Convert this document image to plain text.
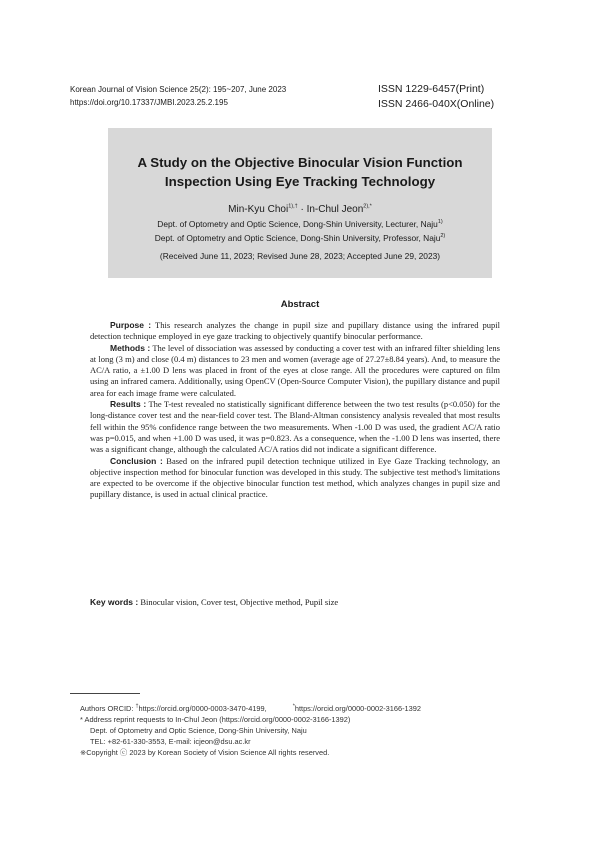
Korean Journal of Vision Science 25(2): 195~207, June 2023
https://doi.org/10.17337/JMBI.2023.25.2.195
ISSN 1229-6457(Print)
ISSN 2466-040X(Online)
A Study on the Objective Binocular Vision Function
Inspection Using Eye Tracking Technology
Min-Kyu Choi$^{1),\dagger}$ · In-Chul Jeon$^{2),*}$
Dept. of Optometry and Optic Science, Dong-Shin University, Lecturer, Naju$^{1)}$
Dept. of Optometry and Optic Science, Dong-Shin University, Professor, Naju$^{2)}$
(Received June 11, 2023; Revised June 28, 2023; Accepted June 29, 2023)
Abstract

Purpose : This research analyzes the change in pupil size and pupillary distance using the infrared pupil detection technique employed in eye gaze tracking to objectively quantify binocular performance.

Methods : The level of dissociation was assessed by conducting a cover test with an infrared filter shielding lens at long (3 m) and close (0.4 m) distances to 23 men and women (average age of 27.27±8.84 years). And, to measure the AC/A ratio, a ±1.00 D lens was placed in front of the eyes at close range. All the procedures were captured on film using an infrared camera. Additionally, using OpenCV (Open-Source Computer Vision), the pupillary distance and pupil area for each image frame were calculated.

Results : The T-test revealed no statistically significant difference between the two test results (p<0.050) for the long-distance cover test and the near-field cover test. The Bland-Altman consistency analysis revealed that most results fell within the 95% confidence range between the two measurements. When -1.00 D was used, the gradient AC/A ratio was p=0.015, and when +1.00 D was used, it was p=0.823. As a consequence, when the -1.00 D lens was inserted, there was a significant change, although the calculated AC/A ratios did not indicate a significant difference.

Conclusion : Based on the infrared pupil detection technique utilized in Eye Gaze Tracking technology, an objective inspection method for binocular function was developed in this study. The subjective test method's limitations are expected to be overcome if the objective binocular function test method, which analyzes changes in pupil size and pupillary distance, is used in actual clinical practice.

Key words : Binocular vision, Cover test, Objective method, Pupil size
Authors ORCID: †https://orcid.org/0000-0003-3470-4199,	*https://orcid.org/0000-0002-3166-1392
* Address reprint requests to In-Chul Jeon (https://orcid.org/0000-0002-3166-1392)
Dept. of Optometry and Optic Science, Dong-Shin University, Naju
TEL: +82-61-330-3553, E-mail: icjeon@dsu.ac.kr
※Copyright ⓒ 2023 by Korean Society of Vision Science All rights reserved.
